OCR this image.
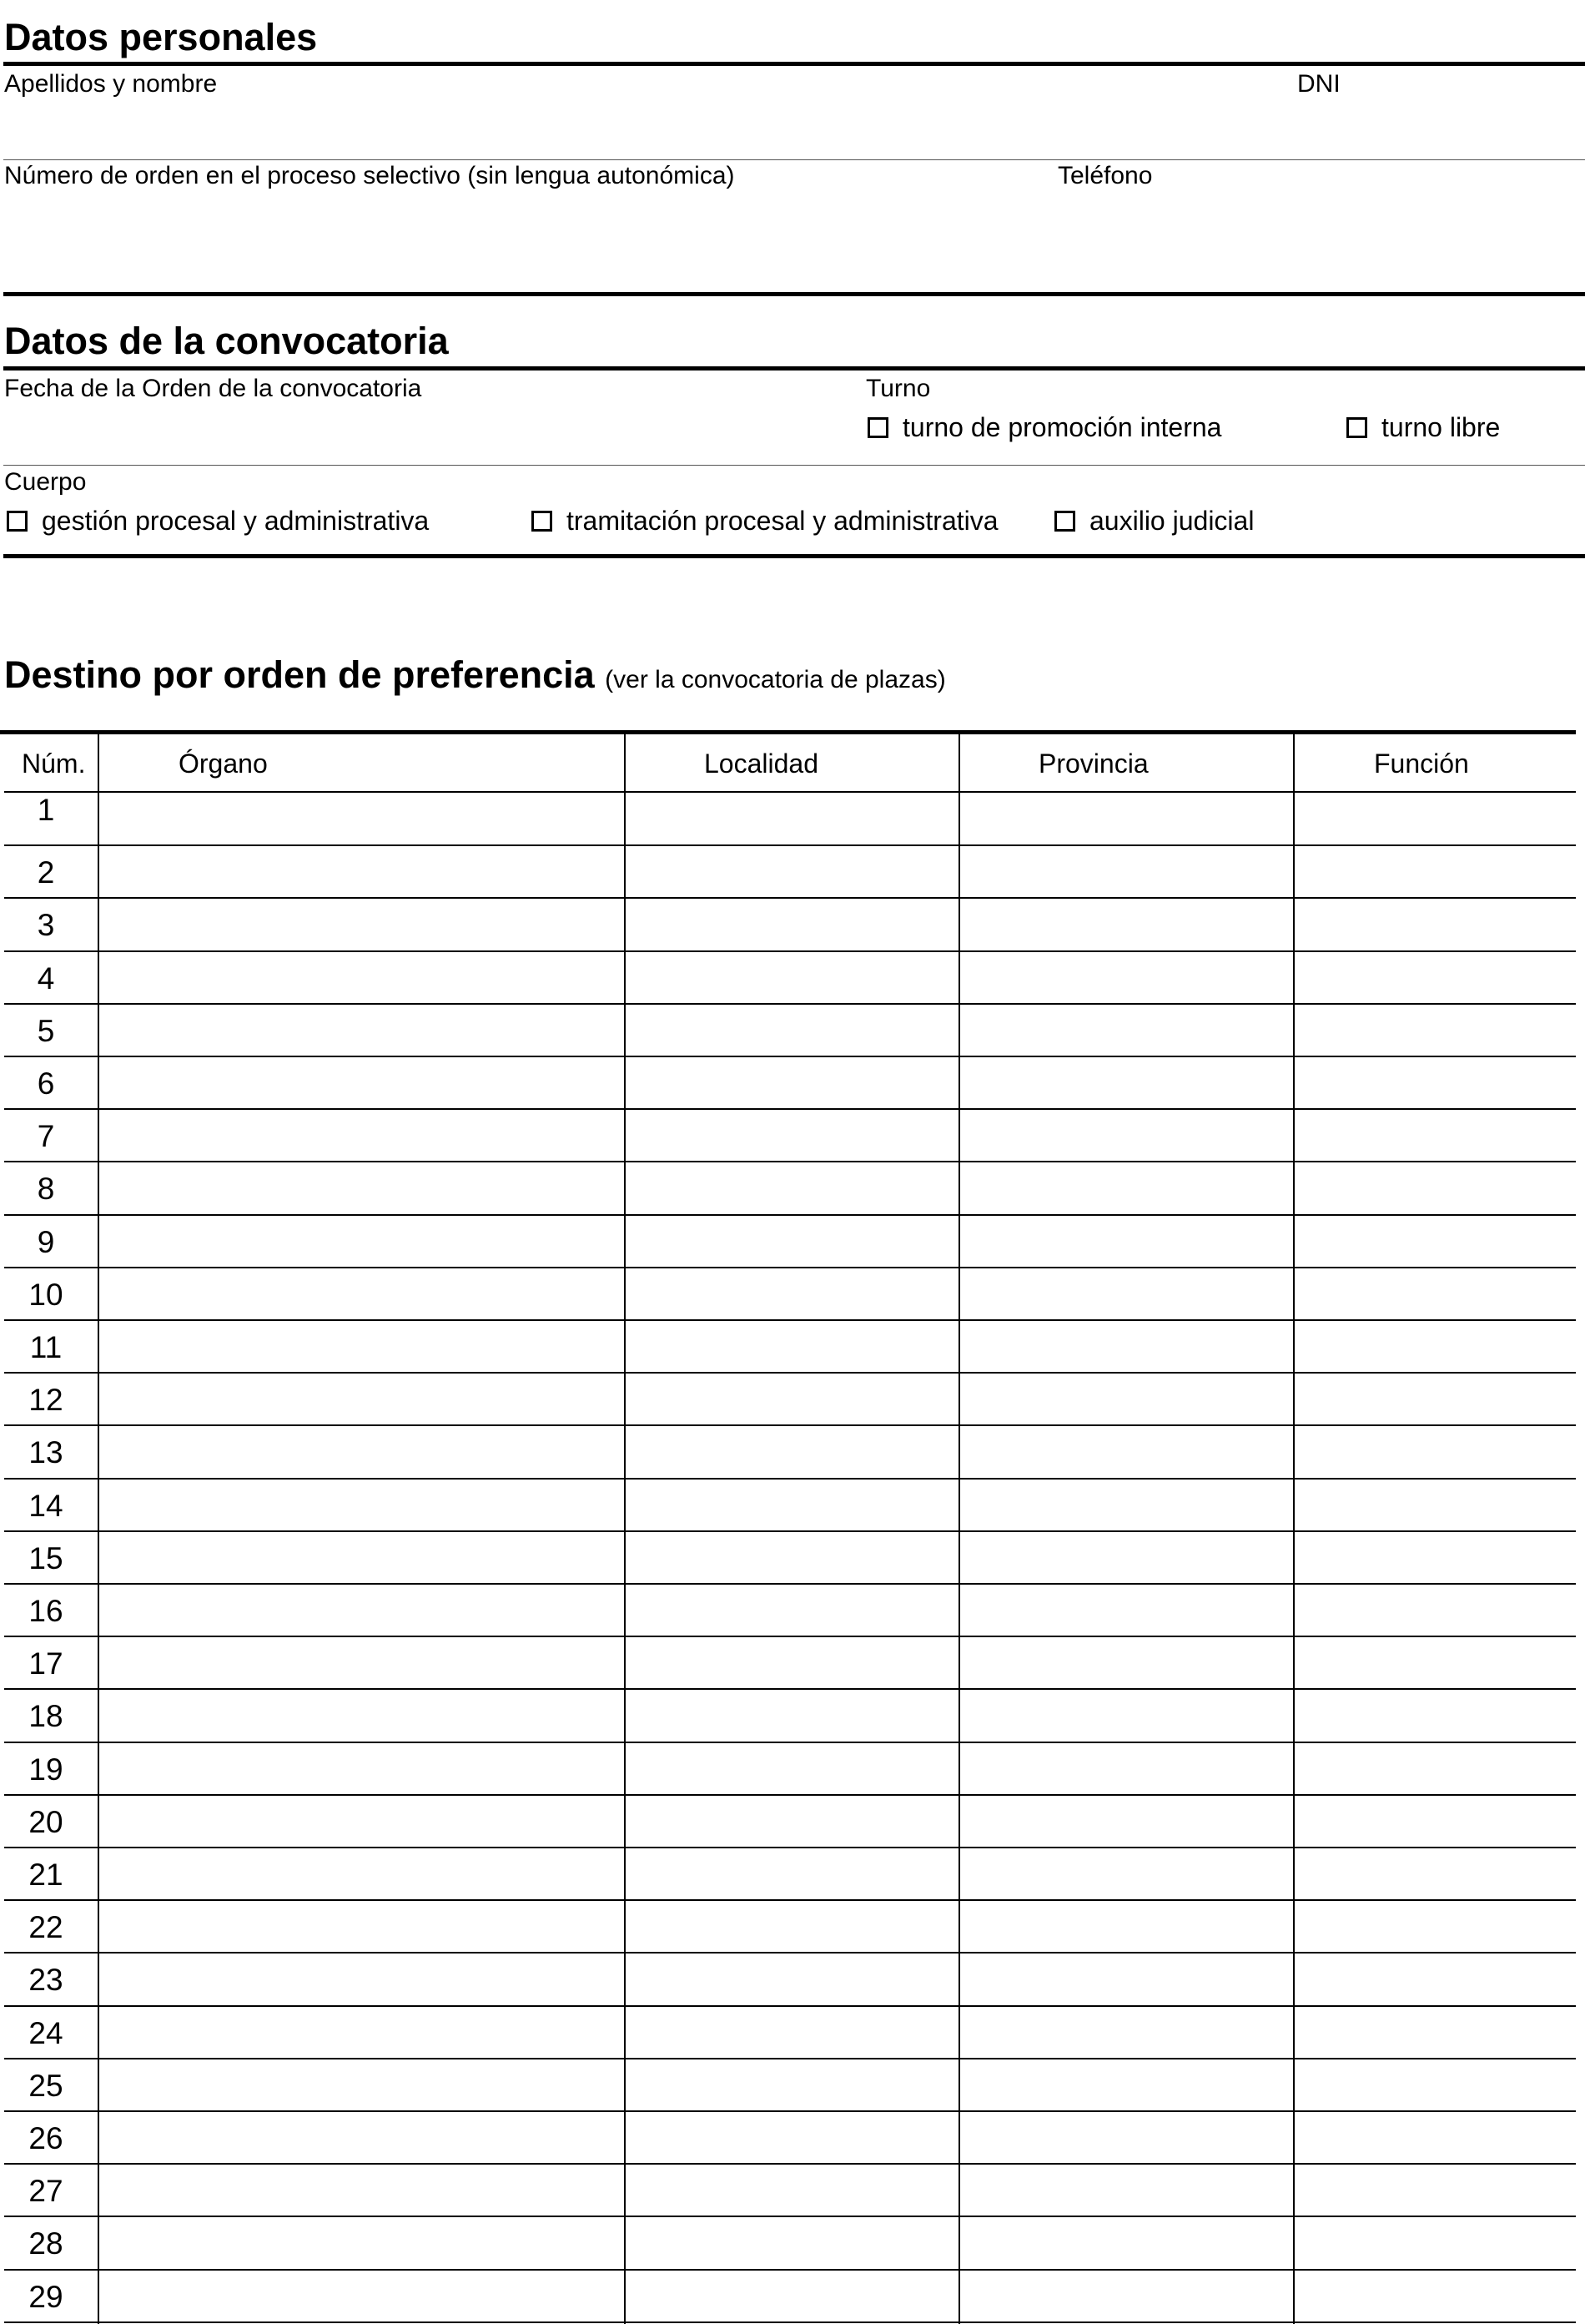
Datos personales
Apellidos y nombre	DNI
Número de orden en el proceso selectivo (sin lengua autonómica)	Teléfono
Datos de la convocatoria
Fecha de la Orden de la convocatoria	Turno
turno de promoción interna	turno libre
Cuerpo
gestión procesal y administrativa	tramitación procesal y administrativa	auxilio judicial
Destino por orden de preferencia (ver la convocatoria de plazas)
Núm.	Órgano	Localidad	Provincia	Función
1
2
3
4
5
6
7
8
9
10
11
12
13
14
15
16
17
18
19
20
21
22
23
24
25
26
27
28
29
